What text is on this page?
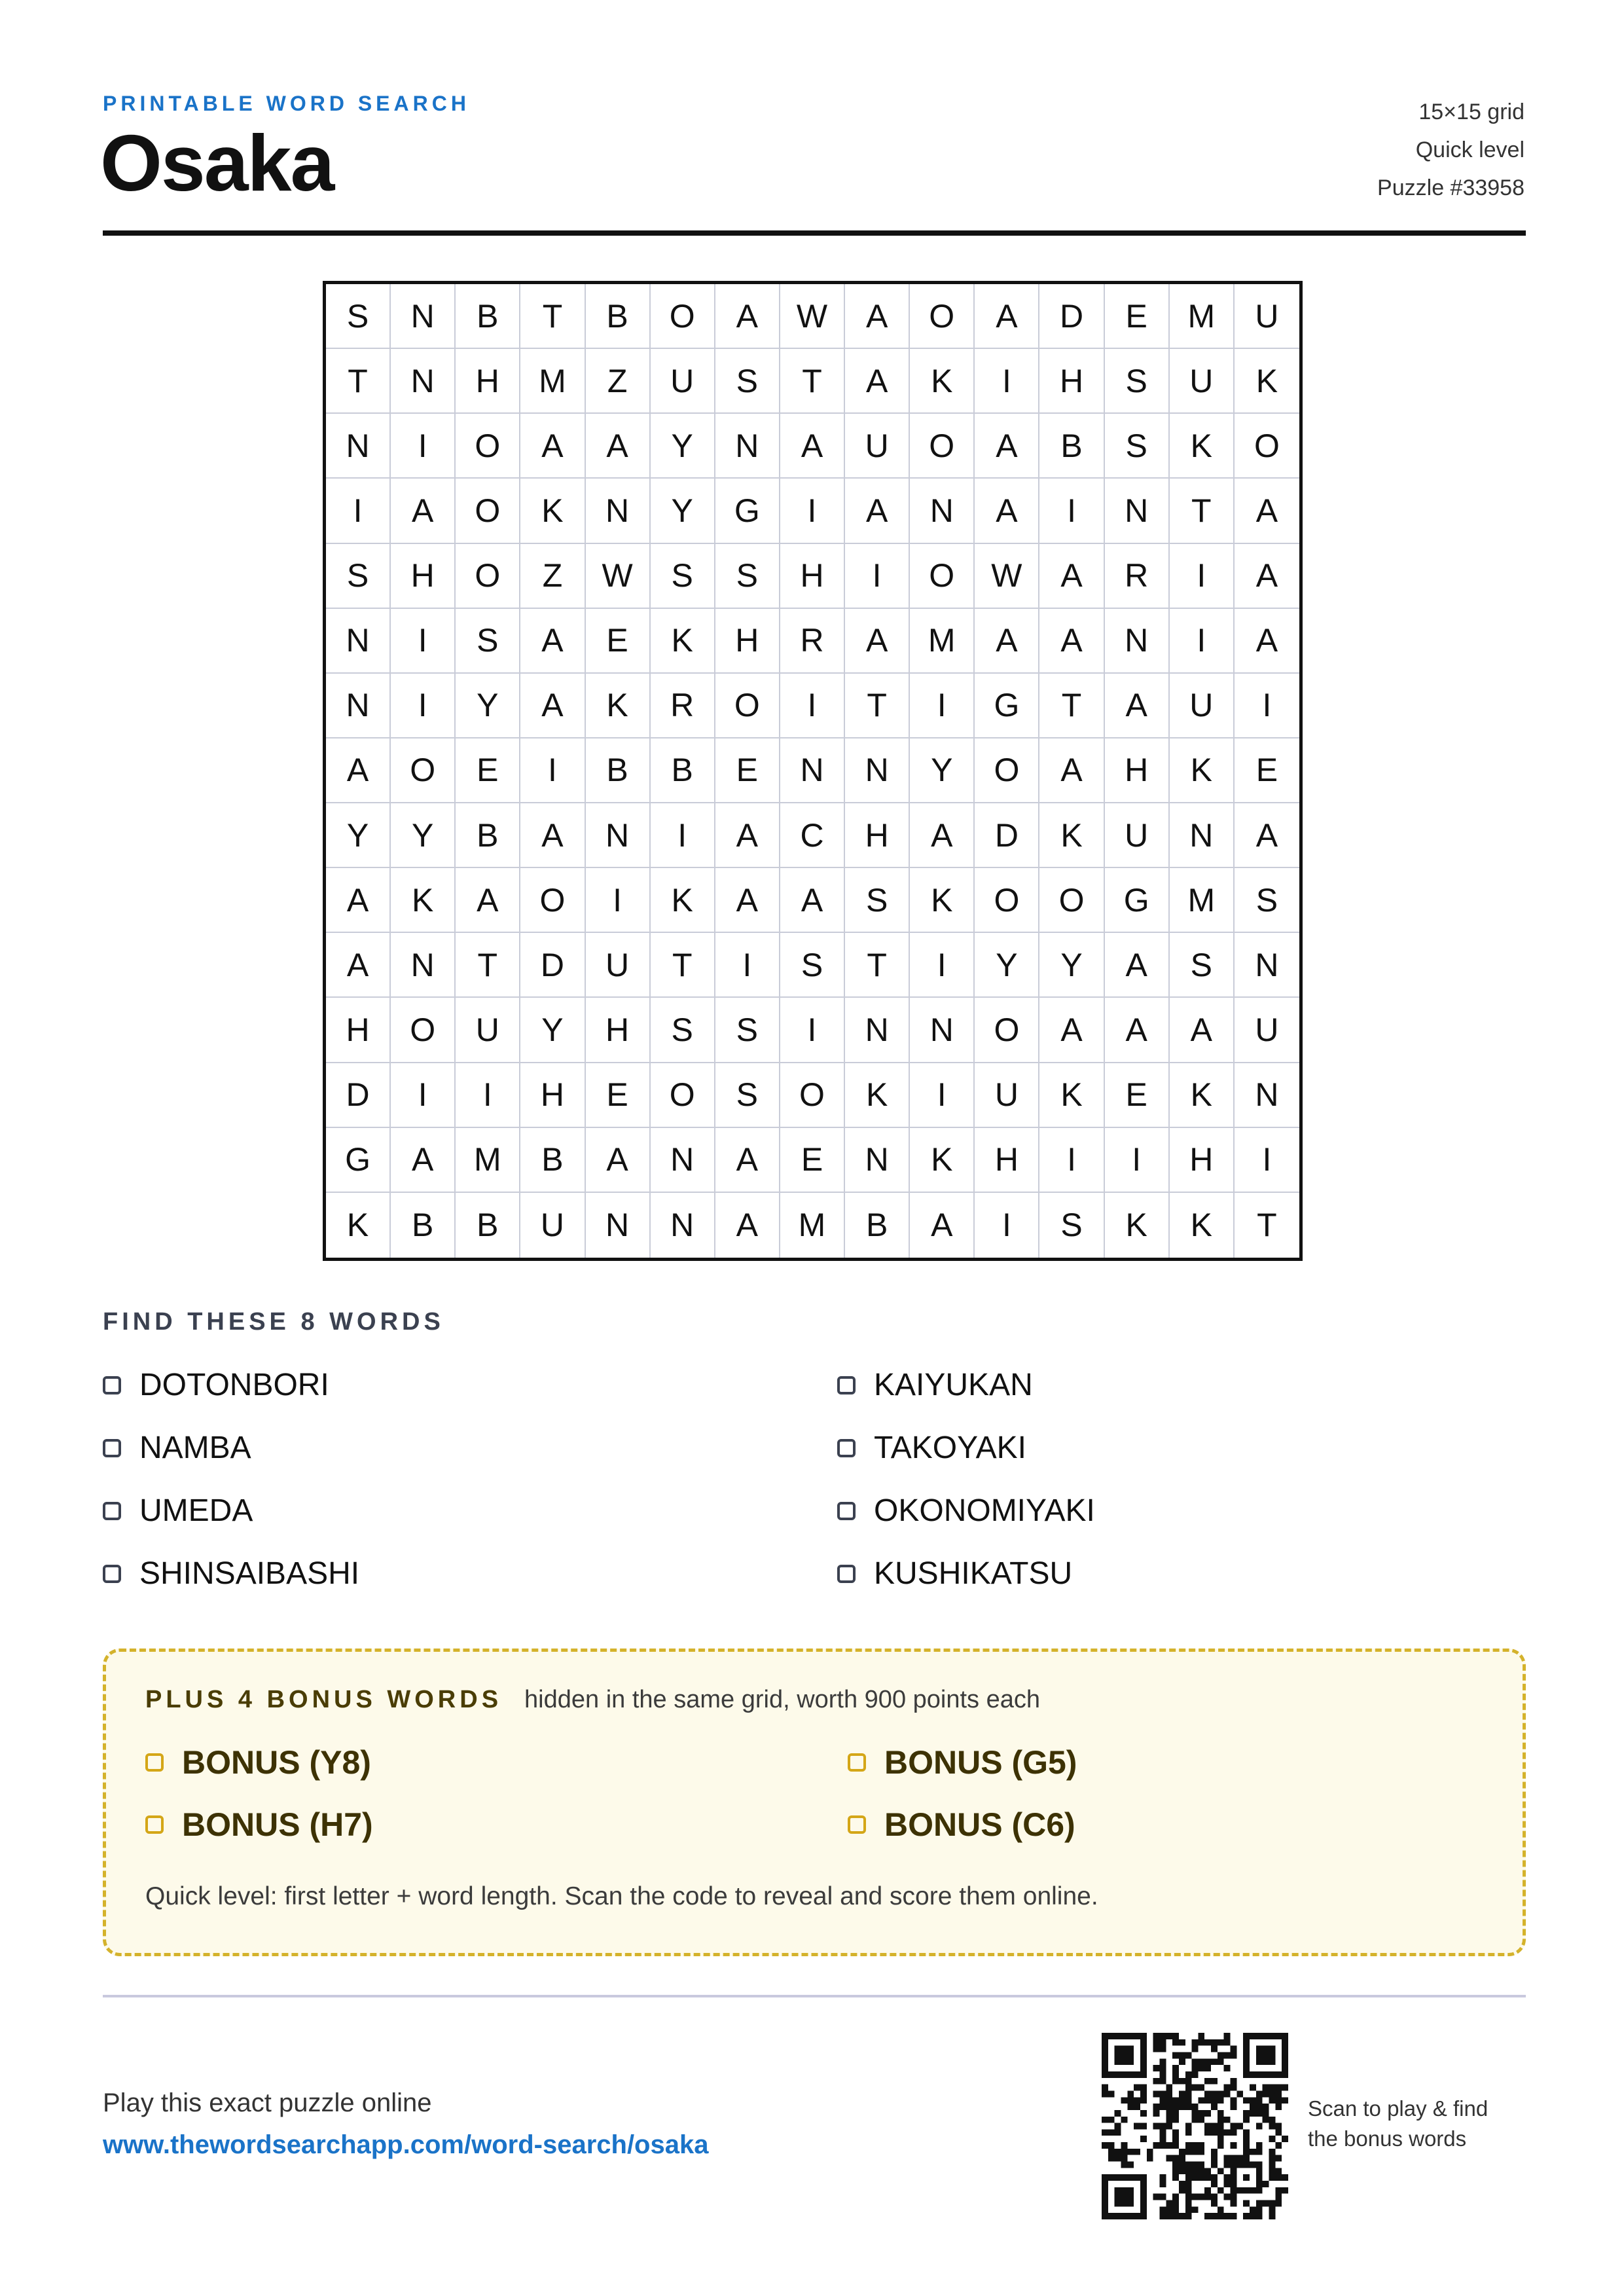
PRINTABLE WORD SEARCH
Osaka
15×15 grid
Quick level
Puzzle #33958
S	N	B	T	B	O	A	W	A	O	A	D	E	M	U
T	N	H	M	Z	U	S	T	A	K	I	H	S	U	K
N	I	O	A	A	Y	N	A	U	O	A	B	S	K	O
I	A	O	K	N	Y	G	I	A	N	A	I	N	T	A
S	H	O	Z	W	S	S	H	I	O	W	A	R	I	A
N	I	S	A	E	K	H	R	A	M	A	A	N	I	A
N	I	Y	A	K	R	O	I	T	I	G	T	A	U	I
A	O	E	I	B	B	E	N	N	Y	O	A	H	K	E
Y	Y	B	A	N	I	A	C	H	A	D	K	U	N	A
A	K	A	O	I	K	A	A	S	K	O	O	G	M	S
A	N	T	D	U	T	I	S	T	I	Y	Y	A	S	N
H	O	U	Y	H	S	S	I	N	N	O	A	A	A	U
D	I	I	H	E	O	S	O	K	I	U	K	E	K	N
G	A	M	B	A	N	A	E	N	K	H	I	I	H	I
K	B	B	U	N	N	A	M	B	A	I	S	K	K	T
FIND THESE 8 WORDS
DOTONBORI	KAIYUKAN
NAMBA	TAKOYAKI
UMEDA	OKONOMIYAKI
SHINSAIBASHI	KUSHIKATSU
PLUS 4 BONUS WORDS hidden in the same grid, worth 900 points each
BONUS (Y8)	BONUS (G5)
BONUS (H7)	BONUS (C6)
Quick level: first letter + word length. Scan the code to reveal and score them online.
Play this exact puzzle online
www.thewordsearchapp.com/word-search/osaka
Scan to play & find
the bonus words
